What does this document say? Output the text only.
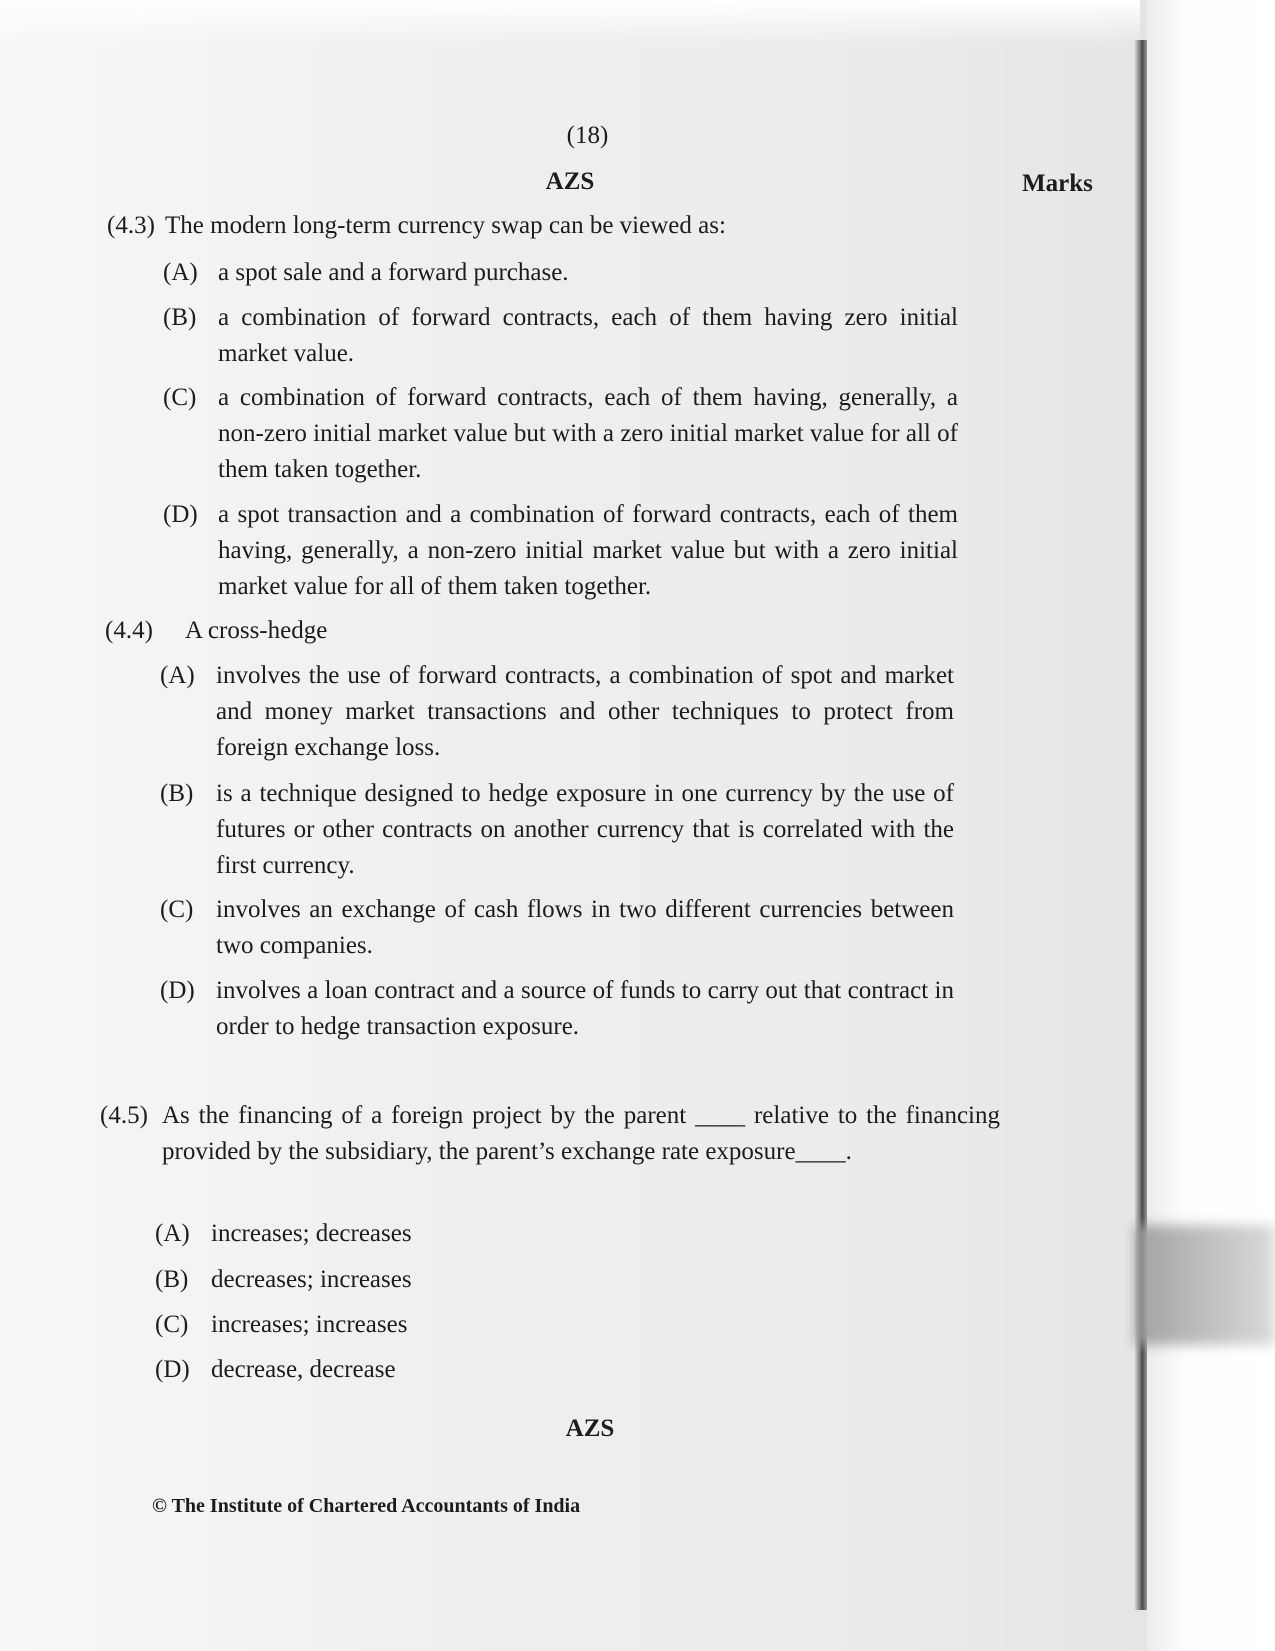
(18)
AZS	Marks
(4.3) The modern long-term currency swap can be viewed as:
(A) a spot sale and a forward purchase.
(B) a combination of forward contracts, each of them having zero initial market value.
(C) a combination of forward contracts, each of them having, generally, a non-zero initial market value but with a zero initial market value for all of them taken together.
(D) a spot transaction and a combination of forward contracts, each of them having, generally, a non-zero initial market value but with a zero initial market value for all of them taken together.
(4.4) A cross-hedge
(A) involves the use of forward contracts, a combination of spot and market and money market transactions and other techniques to protect from foreign exchange loss.
(B) is a technique designed to hedge exposure in one currency by the use of futures or other contracts on another currency that is correlated with the first currency.
(C) involves an exchange of cash flows in two different currencies between two companies.
(D) involves a loan contract and a source of funds to carry out that contract in order to hedge transaction exposure.
(4.5) As the financing of a foreign project by the parent ____ relative to the financing provided by the subsidiary, the parent’s exchange rate exposure____.
(A) increases; decreases
(B) decreases; increases
(C) increases; increases
(D) decrease, decrease
AZS
© The Institute of Chartered Accountants of India
